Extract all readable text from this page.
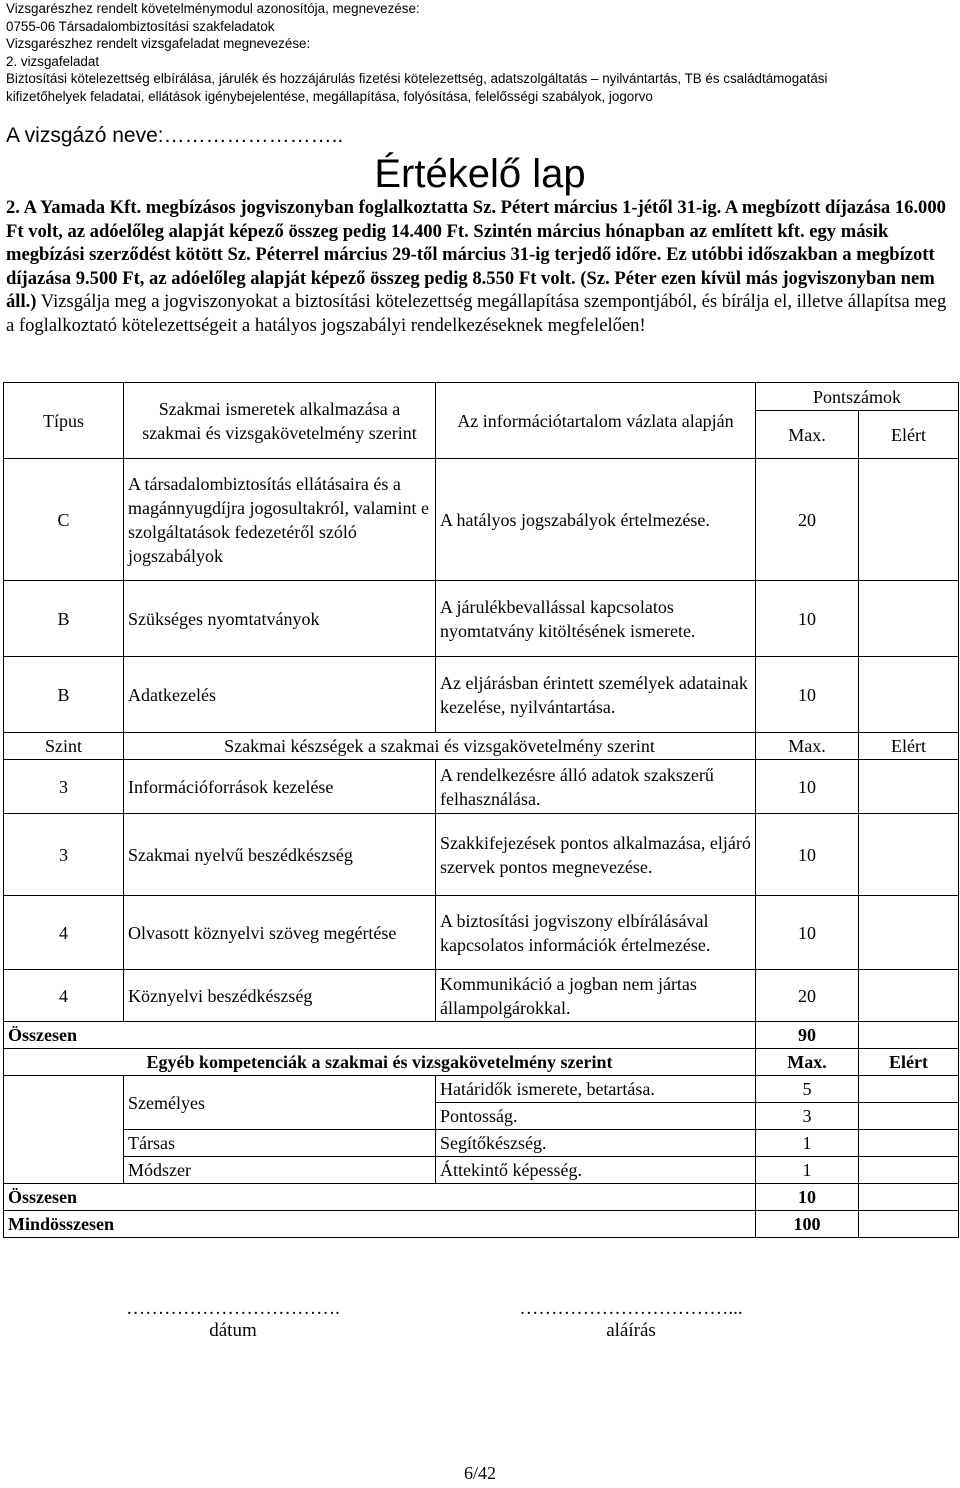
Vizsgarészhez rendelt követelménymodul azonosítója, megnevezése:
0755-06 Társadalombiztosítási szakfeladatok
Vizsgarészhez rendelt vizsgafeladat megnevezése:
2. vizsgafeladat
Biztosítási kötelezettség elbírálása, járulék és hozzájárulás fizetési kötelezettség, adatszolgáltatás – nyilvántartás, TB és családtámogatási
kifizetőhelyek feladatai, ellátások igénybejelentése, megállapítása, folyósítása, felelősségi szabályok, jogorvo
A vizsgázó neve:……………………..
Értékelő lap
2. A Yamada Kft. megbízásos jogviszonyban foglalkoztatta Sz. Pétert március 1-jétől 31-ig. A megbízott díjazása 16.000 Ft volt, az adóelőleg alapját képező összeg pedig 14.400 Ft. Szintén március hónapban az említett kft. egy másik megbízási szerződést kötött Sz. Péterrel március 29-től március 31-ig terjedő időre. Ez utóbbi időszakban a megbízott díjazása 9.500 Ft, az adóelőleg alapját képező összeg pedig 8.550 Ft volt. (Sz. Péter ezen kívül más jogviszonyban nem áll.) Vizsgálja meg a jogviszonyokat a biztosítási kötelezettség megállapítása szempontjából, és bírálja el, illetve állapítsa meg a foglalkoztató kötelezettségeit a hatályos jogszabályi rendelkezéseknek megfelelően!
Típus	Szakmai ismeretek alkalmazása a szakmai és vizsgakövetelmény szerint	Az információtartalom vázlata alapján	Pontszámok	
			Max.	Elért
C	A társadalombiztosítás ellátásaira és a magánnyugdíjra jogosultakról, valamint e szolgáltatások fedezetéről szóló jogszabályok	A hatályos jogszabályok értelmezése.	20	
B	Szükséges nyomtatványok	A járulékbevallással kapcsolatos nyomtatvány kitöltésének ismerete.	10	
B	Adatkezelés	Az eljárásban érintett személyek adatainak kezelése, nyilvántartása.	10	
Szint	Szakmai készségek a szakmai és vizsgakövetelmény szerint		Max.	Elért
3	Információforrások kezelése	A rendelkezésre álló adatok szakszerű felhasználása.	10	
3	Szakmai nyelvű beszédkészség	Szakkifejezések pontos alkalmazása, eljáró szervek pontos megnevezése.	10	
4	Olvasott köznyelvi szöveg megértése	A biztosítási jogviszony elbírálásával kapcsolatos információk értelmezése.	10	
4	Köznyelvi beszédkészség	Kommunikáció a jogban nem jártas állampolgárokkal.	20	
Összesen			90	
Egyéb kompetenciák a szakmai és vizsgakövetelmény szerint			Max.	Elért
	Személyes	Határidők ismerete, betartása.	5	
		Pontosság.	3	
	Társas	Segítőkészség.	1	
	Módszer	Áttekintő képesség.	1	
Összesen			10	
Mindösszesen			100	
…………………………….
dátum
……………………………...
aláírás
6/42
